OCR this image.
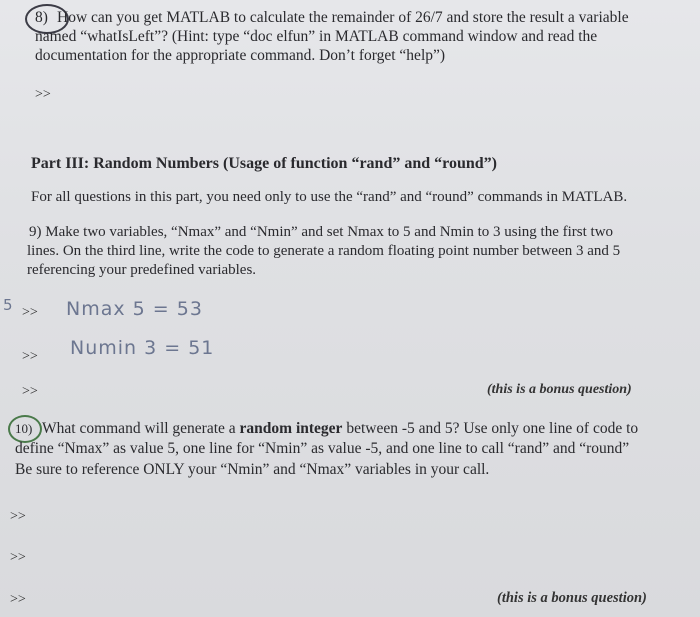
8) How can you get MATLAB to calculate the remainder of 26/7 and store the result a variable
named “whatIsLeft”? (Hint: type “doc elfun” in MATLAB command window and read the
documentation for the appropriate command. Don’t forget “help”)
>>
Part III: Random Numbers (Usage of function “rand” and “round”)
For all questions in this part, you need only to use the “rand” and “round” commands in MATLAB.
9) Make two variables, “Nmax” and “Nmin” and set Nmax to 5 and Nmin to 3 using the first two
lines. On the third line, write the code to generate a random floating point number between 3 and 5
referencing your predefined variables.
5 >> Nmax 5 = 53
>> Numin 3 = 51
>>	(this is a bonus question)
10) What command will generate a random integer between -5 and 5? Use only one line of code to
define “Nmax” as value 5, one line for “Nmin” as value -5, and one line to call “rand” and “round”
Be sure to reference ONLY your “Nmin” and “Nmax” variables in your call.
>>
>>
>>	(this is a bonus question)
